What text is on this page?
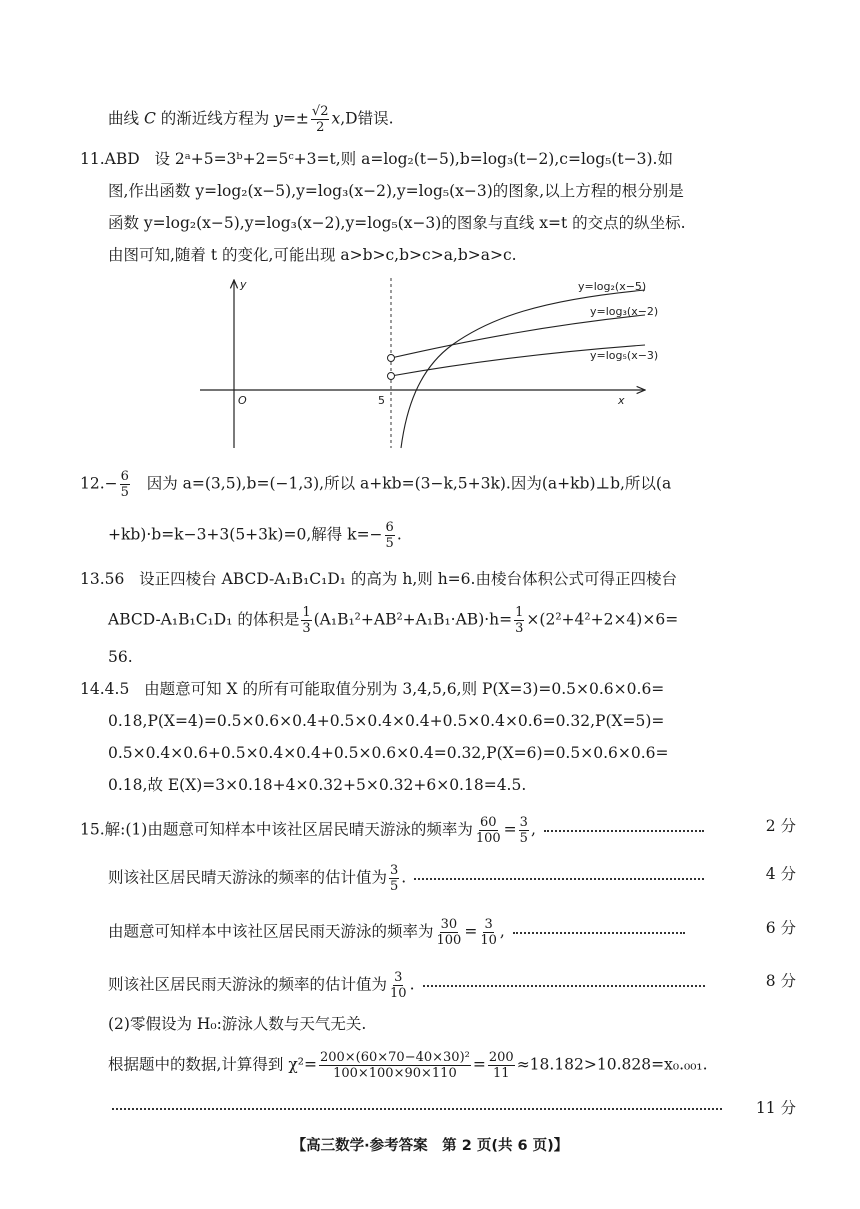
曲线 C 的渐近线方程为 $y=\pm \frac{√2}{2} x,D$错误.
11.ABD 设 2ᵃ+5=3ᵇ+2=5ᶜ+3=t,则 a=log₂(t−5),b=log₃(t−2),c=log₅(t−3).如
图,作出函数 y=log₂(x−5),y=log₃(x−2),y=log₅(x−3)的图象,以上方程的根分别是
函数 y=log₂(x−5),y=log₃(x−2),y=log₅(x−3)的图象与直线 x=t 的交点的纵坐标.
由图可知,随着 t 的变化,可能出现 a>b>c,b>c>a,b>a>c.
y
x
O	5
y=log₂(x−5)
y=log₃(x−2)
y=log₅(x−3)
$12.- \frac{6}{5}$ 因为 a=(3,5),b=(−1,3),所以 a+kb=(3−k,5+3k).因为(a+kb)⊥b,所以(a
+kb)·b=k−3+3(5+3k)=0,解得 $k=- \frac{6}{5}$ .
13.56 设正四棱台 ABCD-A₁B₁C₁D₁ 的高为 h,则 h=6.由棱台体积公式可得正四棱台
ABCD-A₁B₁C₁D₁ 的体积是 $\frac{1}{3} (A_1B_1^2+AB^2+A_1B_1\cdot AB)\cdot h= \frac{1}{3} \times(2^2+4^2+2\times 4)\times 6=$
56.
14.4.5 由题意可知 X 的所有可能取值分别为 3,4,5,6,则 P(X=3)=0.5×0.6×0.6=
0.18,P(X=4)=0.5×0.6×0.4+0.5×0.4×0.4+0.5×0.4×0.6=0.32,P(X=5)=
0.5×0.4×0.6+0.5×0.4×0.4+0.5×0.6×0.4=0.32,P(X=6)=0.5×0.6×0.6=
0.18,故 E(X)=3×0.18+4×0.32+5×0.32+6×0.18=4.5.
15.解:(1)由题意可知样本中该社区居民晴天游泳的频率为 $\frac{60}{100} = \frac{3}{5}$ ,	2 分
则该社区居民晴天游泳的频率的估计值为 $\frac{3}{5}$ .	4 分
由题意可知样本中该社区居民雨天游泳的频率为 $\frac{30}{100} = \frac{3}{10}$ ,	6 分
则该社区居民雨天游泳的频率的估计值为 $\frac{3}{10}$ .	8 分
(2)零假设为 H₀:游泳人数与天气无关.
根据题中的数据,计算得到 $\chi^2= \frac{\text{200×(60×70−40×30)²}}{100\times 100\times 90\times 110} = \frac{200}{11} \approx 18.182>10.828=x_0._{001}$.
11 分
【高三数学·参考答案　第 2 页(共 6 页)】
